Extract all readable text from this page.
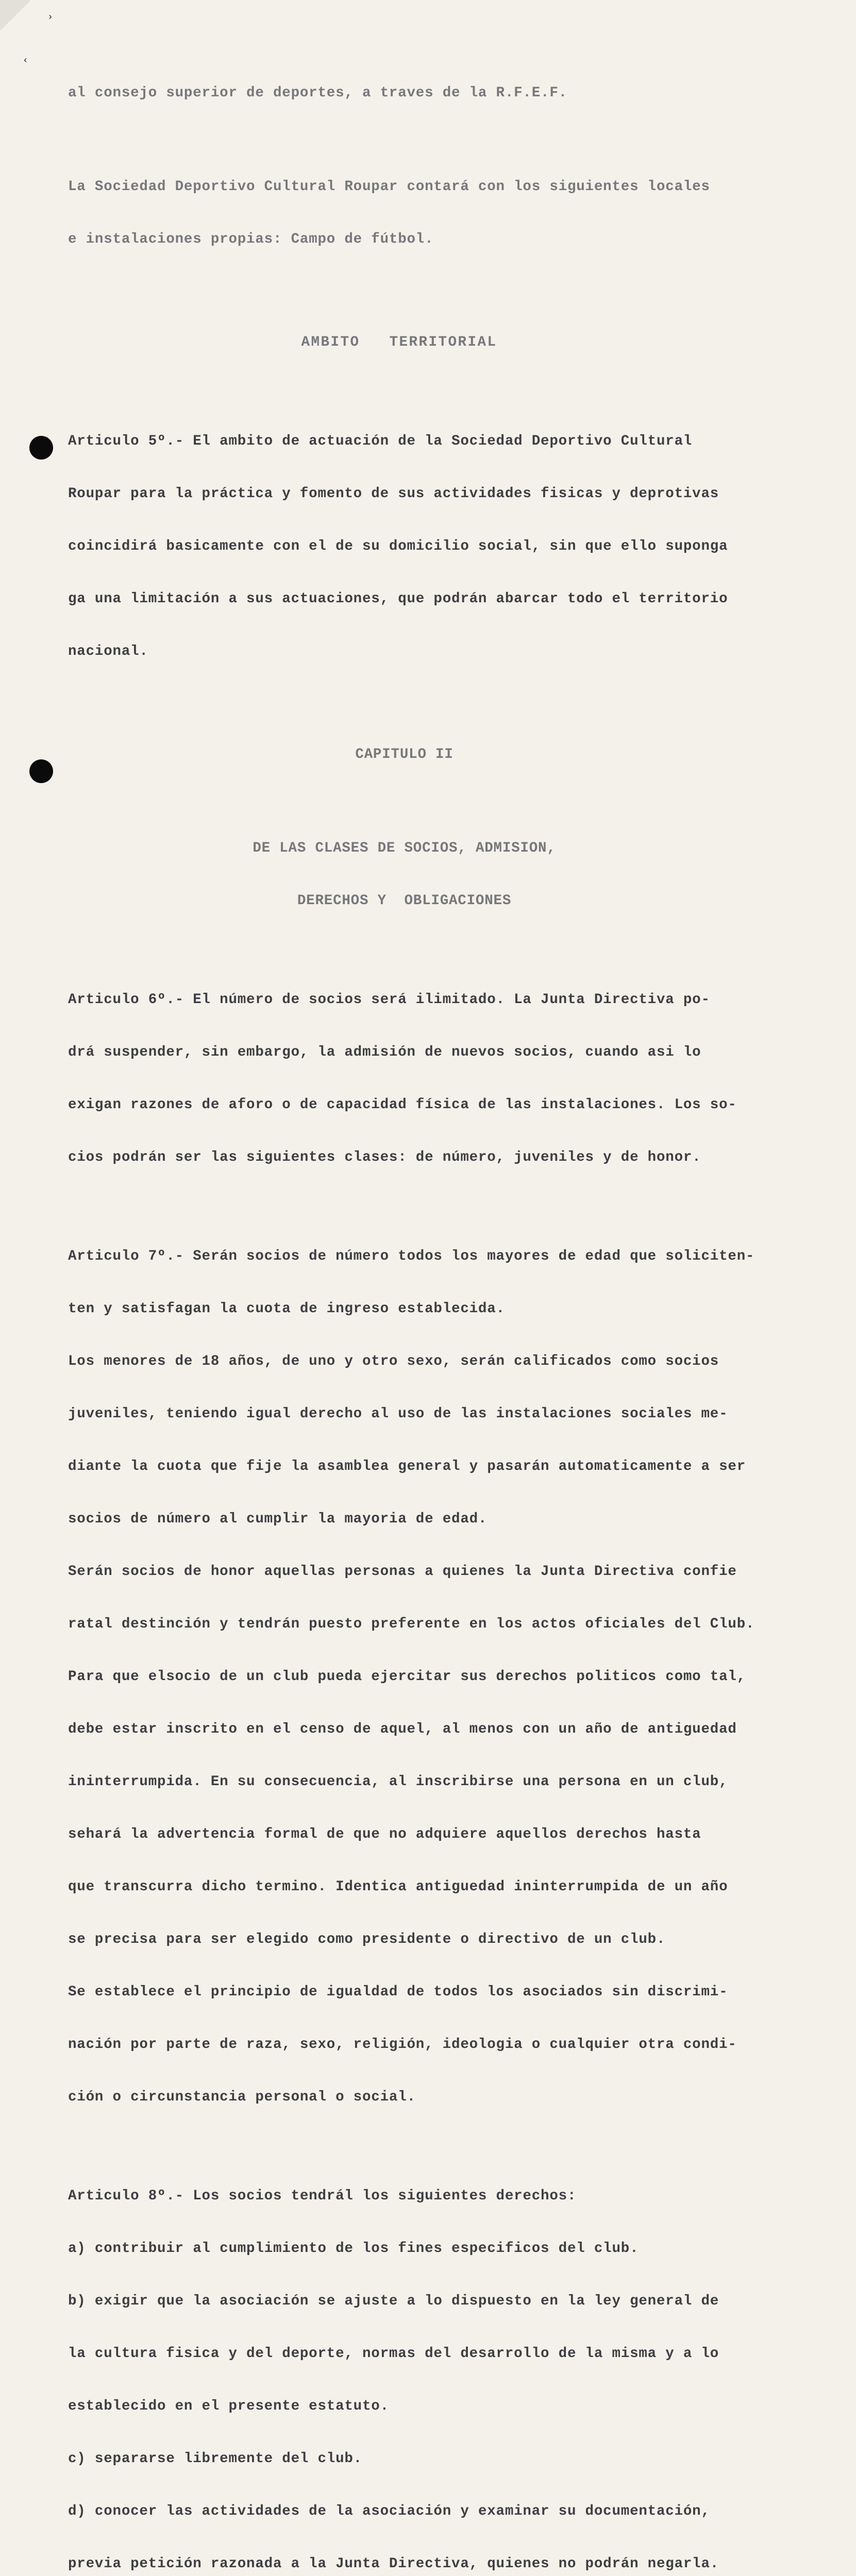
›
‹

al consejo superior de deportes, a traves de la R.F.E.F.

La Sociedad Deportivo Cultural Roupar contará con los siguientes locales

e instalaciones propias: Campo de fútbol.

AMBITO   TERRITORIAL

Articulo 5º.- El ambito de actuación de la Sociedad Deportivo Cultural

Roupar para la práctica y fomento de sus actividades fisicas y deprotivas

coincidirá basicamente con el de su domicilio social, sin que ello suponga

ga una limitación a sus actuaciones, que podrán abarcar todo el territorio

nacional.

CAPITULO II

DE LAS CLASES DE SOCIOS, ADMISION,

DERECHOS Y  OBLIGACIONES

Articulo 6º.- El número de socios será ilimitado. La Junta Directiva po-

drá suspender, sin embargo, la admisión de nuevos socios, cuando asi lo

exigan razones de aforo o de capacidad física de las instalaciones. Los so-

cios podrán ser las siguientes clases: de número, juveniles y de honor.

Articulo 7º.- Serán socios de número todos los mayores de edad que soliciten-

ten y satisfagan la cuota de ingreso establecida.

Los menores de 18 años, de uno y otro sexo, serán calificados como socios

juveniles, teniendo igual derecho al uso de las instalaciones sociales me-

diante la cuota que fije la asamblea general y pasarán automaticamente a ser

socios de número al cumplir la mayoria de edad.

Serán socios de honor aquellas personas a quienes la Junta Directiva confie

ratal destinción y tendrán puesto preferente en los actos oficiales del Club.

Para que elsocio de un club pueda ejercitar sus derechos politicos como tal,

debe estar inscrito en el censo de aquel, al menos con un año de antiguedad

ininterrumpida. En su consecuencia, al inscribirse una persona en un club,

sehará la advertencia formal de que no adquiere aquellos derechos hasta

que transcurra dicho termino. Identica antiguedad ininterrumpida de un año

se precisa para ser elegido como presidente o directivo de un club.

Se establece el principio de igualdad de todos los asociados sin discrimi-

nación por parte de raza, sexo, religión, ideologia o cualquier otra condi-

ción o circunstancia personal o social.

Articulo 8º.- Los socios tendrál los siguientes derechos:

a) contribuir al cumplimiento de los fines especificos del club.

b) exigir que la asociación se ajuste a lo dispuesto en la ley general de

la cultura fisica y del deporte, normas del desarrollo de la misma y a lo

establecido en el presente estatuto.

c) separarse libremente del club.

d) conocer las actividades de la asociación y examinar su documentación,

previa petición razonada a la Junta Directiva, quienes no podrán negarla.
